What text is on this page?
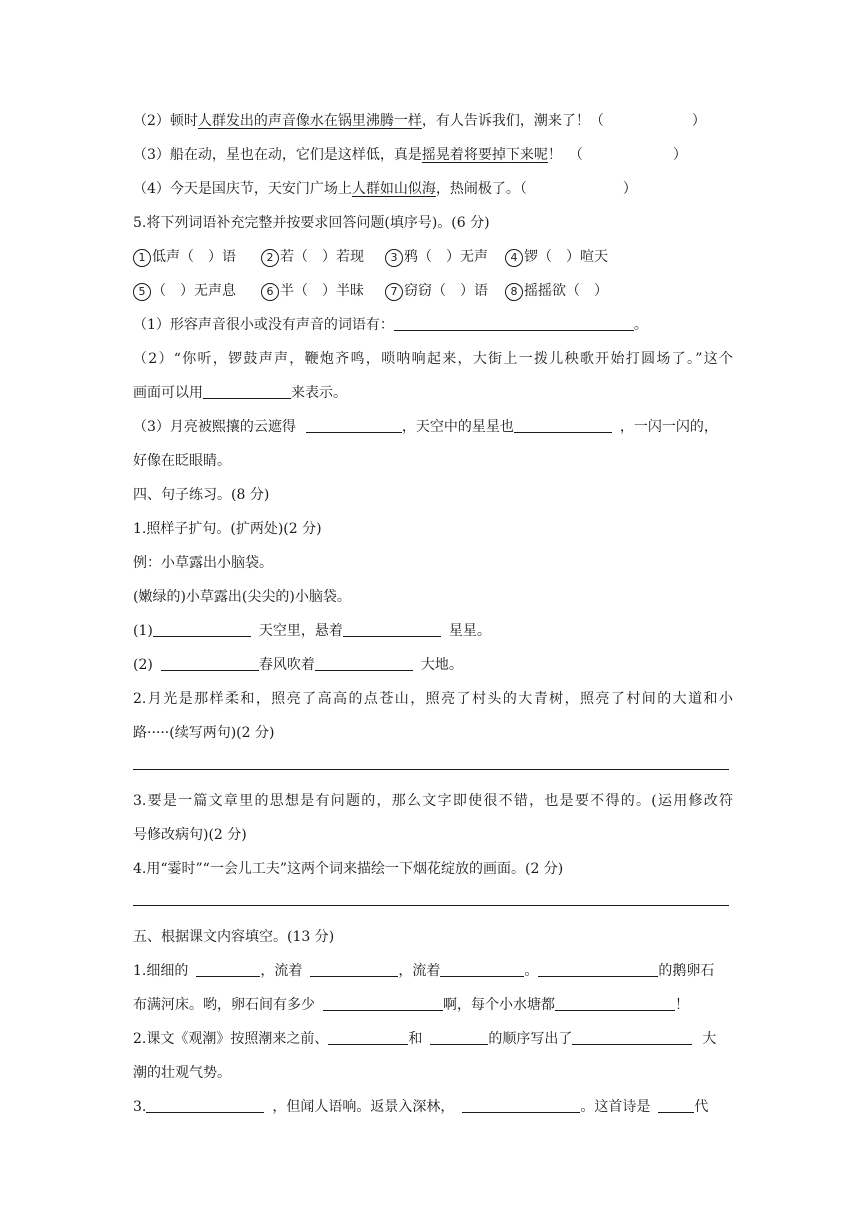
（2）顿时人群发出的声音像水在锅里沸腾一样，有人告诉我们，潮来了！（	）
（3）船在动，星也在动，它们是这样低，真是摇晃着将要掉下来呢！　（	）
（4）今天是国庆节，天安门广场上人群如山似海，热闹极了。（	）
5.将下列词语补充完整并按要求回答问题(填序号)。(6 分)
1 低声（　）语	2 若（　）若现 3 鸦（　）无声 4 锣（　）喧天
5 （　）无声息	6 半（　）半昧 7 窃窃（　）语 8 摇摇欲（　）
（1）形容声音很小或没有声音的词语有：	。
（2）“你听，锣鼓声声，鞭炮齐鸣，唢呐响起来，大街上一拨儿秧歌开始打圆场了。”这个
画面可以用	来表示。
（3）月亮被熙攘的云遮得	，天空中的星星也	，一闪一闪的，
好像在眨眼睛。
四、句子练习。(8 分)
1.照样子扩句。(扩两处)(2 分)
例：小草露出小脑袋。
(嫩绿的)小草露出(尖尖的)小脑袋。
(1)	天空里，悬着	星星。
(2)	春风吹着	大地。
2.月光是那样柔和，照亮了高高的点苍山，照亮了村头的大青树，照亮了村间的大道和小
路·····(续写两句)(2 分)
3.要是一篇文章里的思想是有问题的，那么文字即使很不错，也是要不得的。(运用修改符
号修改病句)(2 分)
4.用“霎时”“一会儿工夫”这两个词来描绘一下烟花绽放的画面。(2 分)
五、根据课文内容填空。(13 分)
1.细细的	，流着	，流着	。	的鹅卵石
布满河床。哟，卵石间有多少	啊，每个小水塘都	！
2.课文《观潮》按照潮来之前、	和	的顺序写出了	大
潮的壮观气势。
3.	，但闻人语响。返景入深林，	。这首诗是	代
